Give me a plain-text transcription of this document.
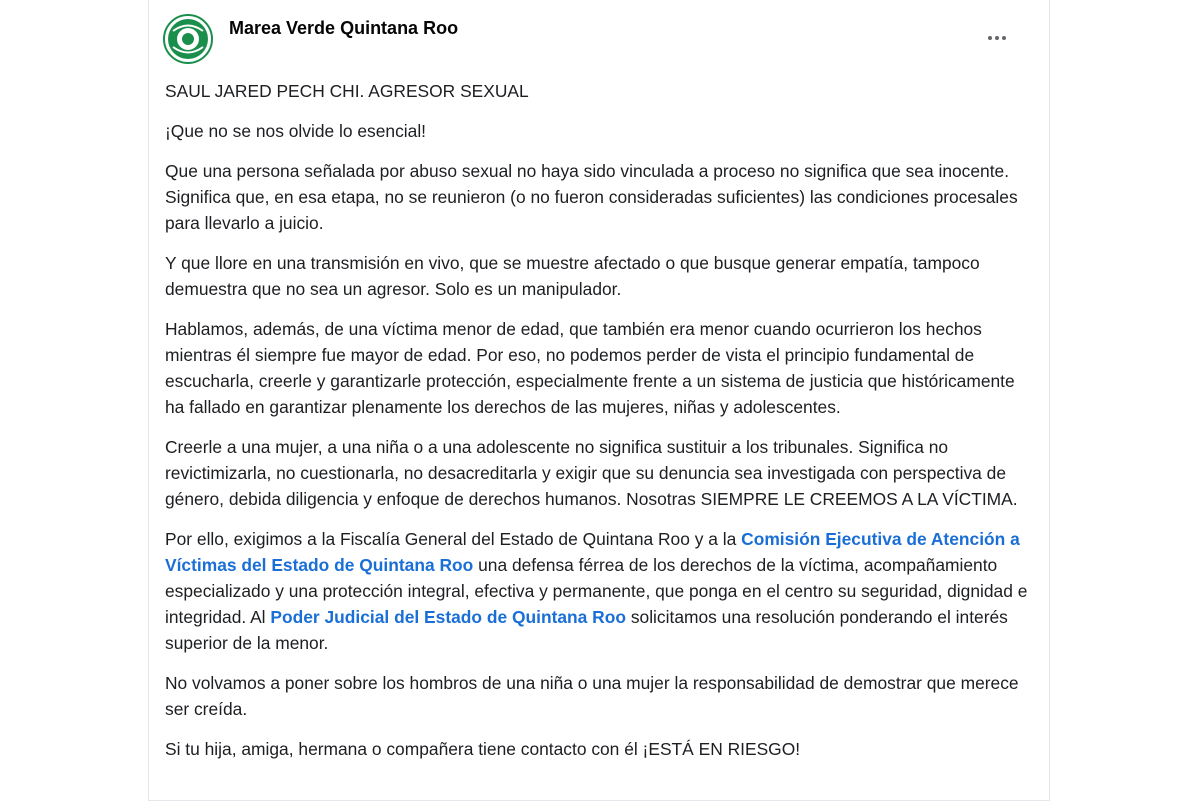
Marea Verde Quintana Roo

SAUL JARED PECH CHI. AGRESOR SEXUAL

¡Que no se nos olvide lo esencial!

Que una persona señalada por abuso sexual no haya sido vinculada a proceso no significa que sea inocente. Significa que, en esa etapa, no se reunieron (o no fueron consideradas suficientes) las condiciones procesales para llevarlo a juicio.

Y que llore en una transmisión en vivo, que se muestre afectado o que busque generar empatía, tampoco demuestra que no sea un agresor. Solo es un manipulador.

Hablamos, además, de una víctima menor de edad, que también era menor cuando ocurrieron los hechos mientras él siempre fue mayor de edad. Por eso, no podemos perder de vista el principio fundamental de escucharla, creerle y garantizarle protección, especialmente frente a un sistema de justicia que históricamente ha fallado en garantizar plenamente los derechos de las mujeres, niñas y adolescentes.

Creerle a una mujer, a una niña o a una adolescente no significa sustituir a los tribunales. Significa no revictimizarla, no cuestionarla, no desacreditarla y exigir que su denuncia sea investigada con perspectiva de género, debida diligencia y enfoque de derechos humanos. Nosotras SIEMPRE LE CREEMOS A LA VÍCTIMA.

Por ello, exigimos a la Fiscalía General del Estado de Quintana Roo y a la Comisión Ejecutiva de Atención a Víctimas del Estado de Quintana Roo una defensa férrea de los derechos de la víctima, acompañamiento especializado y una protección integral, efectiva y permanente, que ponga en el centro su seguridad, dignidad e integridad. Al Poder Judicial del Estado de Quintana Roo solicitamos una resolución ponderando el interés superior de la menor.

No volvamos a poner sobre los hombros de una niña o una mujer la responsabilidad de demostrar que merece ser creída.

Si tu hija, amiga, hermana o compañera tiene contacto con él ¡ESTÁ EN RIESGO!
